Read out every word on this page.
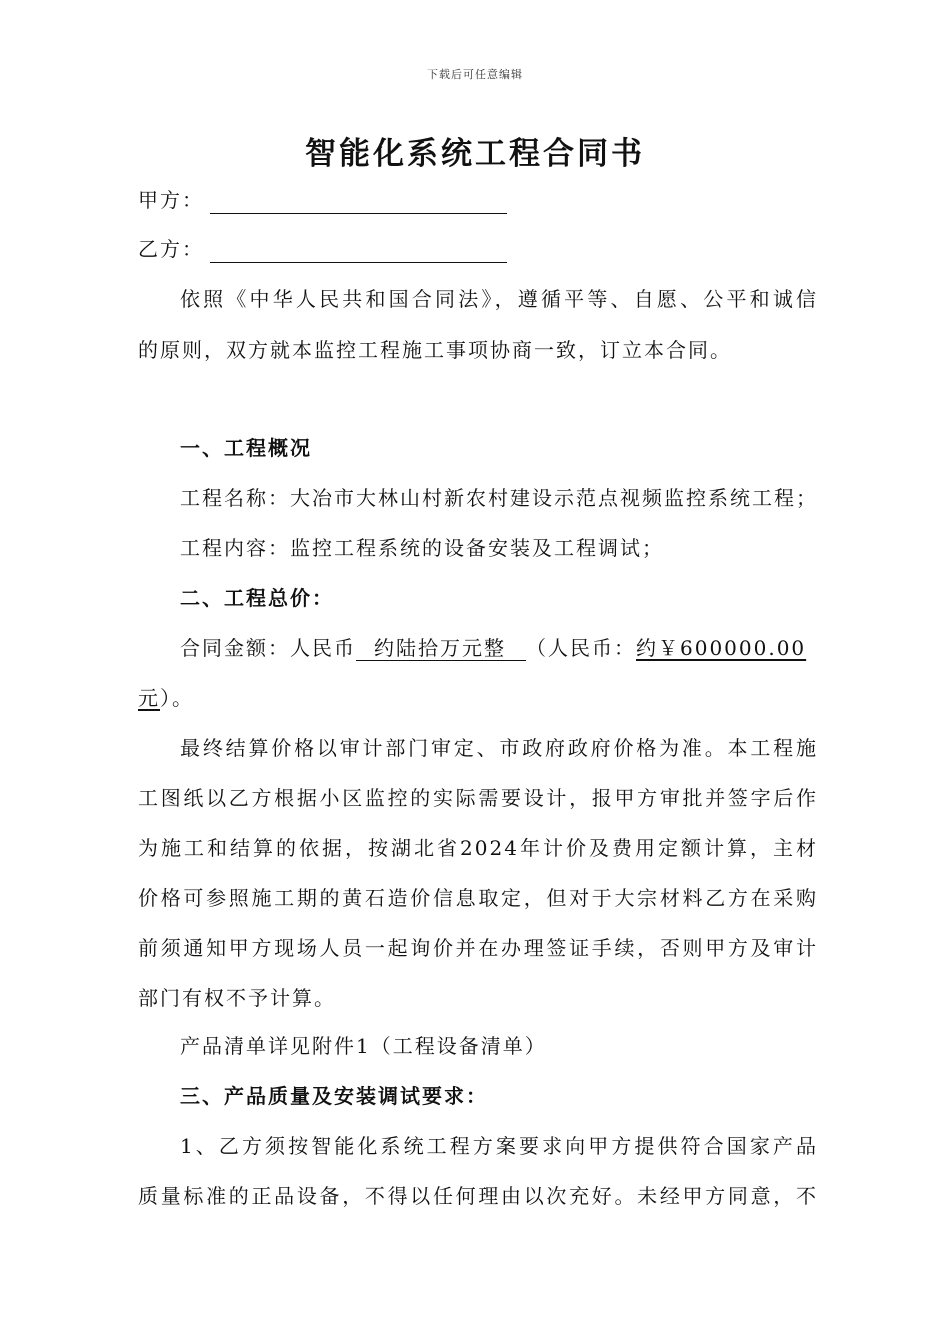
下载后可任意编辑
智能化系统工程合同书
甲方：
乙方：
依照《中华人民共和国合同法》，遵循平等、自愿、公平和诚信
的原则，双方就本监控工程施工事项协商一致，订立本合同。
一、工程概况
工程名称：大冶市大林山村新农村建设示范点视频监控系统工程；
工程内容：监控工程系统的设备安装及工程调试；
二、工程总价：
合同金额：人民币 约陆拾万元整 （人民币：约￥600000.00
元）。
最终结算价格以审计部门审定、市政府政府价格为准。本工程施
工图纸以乙方根据小区监控的实际需要设计，报甲方审批并签字后作
为施工和结算的依据，按湖北省2024年计价及费用定额计算，主材
价格可参照施工期的黄石造价信息取定，但对于大宗材料乙方在采购
前须通知甲方现场人员一起询价并在办理签证手续，否则甲方及审计
部门有权不予计算。
产品清单详见附件1（工程设备清单）
三、产品质量及安装调试要求：
1、乙方须按智能化系统工程方案要求向甲方提供符合国家产品
质量标准的正品设备，不得以任何理由以次充好。未经甲方同意，不
